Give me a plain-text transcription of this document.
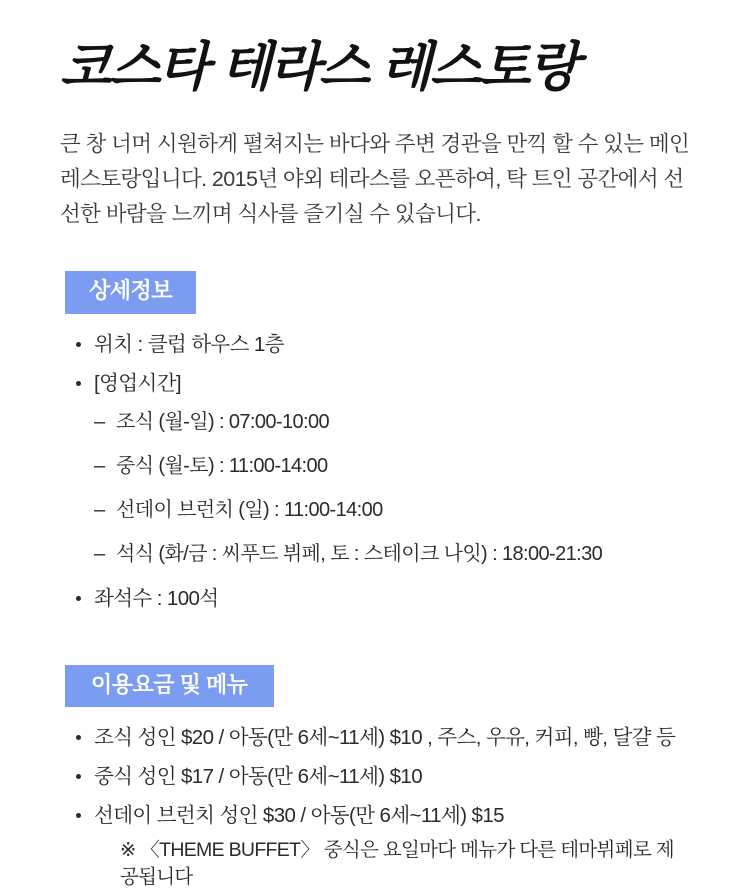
코스타 테라스 레스토랑

큰 창 너머 시원하게 펼쳐지는 바다와 주변 경관을 만끽 할 수 있는 메인 레스토랑입니다. 2015년 야외 테라스를 오픈하여, 탁 트인 공간에서 선선한 바람을 느끼며 식사를 즐기실 수 있습니다.

상세정보
위치 : 클럽 하우스 1층
[영업시간]
– 조식 (월-일) : 07:00-10:00
– 중식 (월-토) : 11:00-14:00
– 선데이 브런치 (일) : 11:00-14:00
– 석식 (화/금 : 씨푸드 뷔페, 토 : 스테이크 나잇) : 18:00-21:30
좌석수 : 100석
이용요금 및 메뉴
조식 성인 $20 / 아동(만 6세~11세) $10 , 주스, 우유, 커피, 빵, 달걀 등
중식 성인 $17 / 아동(만 6세~11세) $10
선데이 브런치 성인 $30 / 아동(만 6세~11세) $15

※ 〈THEME BUFFET〉 중식은 요일마다 메뉴가 다른 테마뷔페로 제공됩니다
